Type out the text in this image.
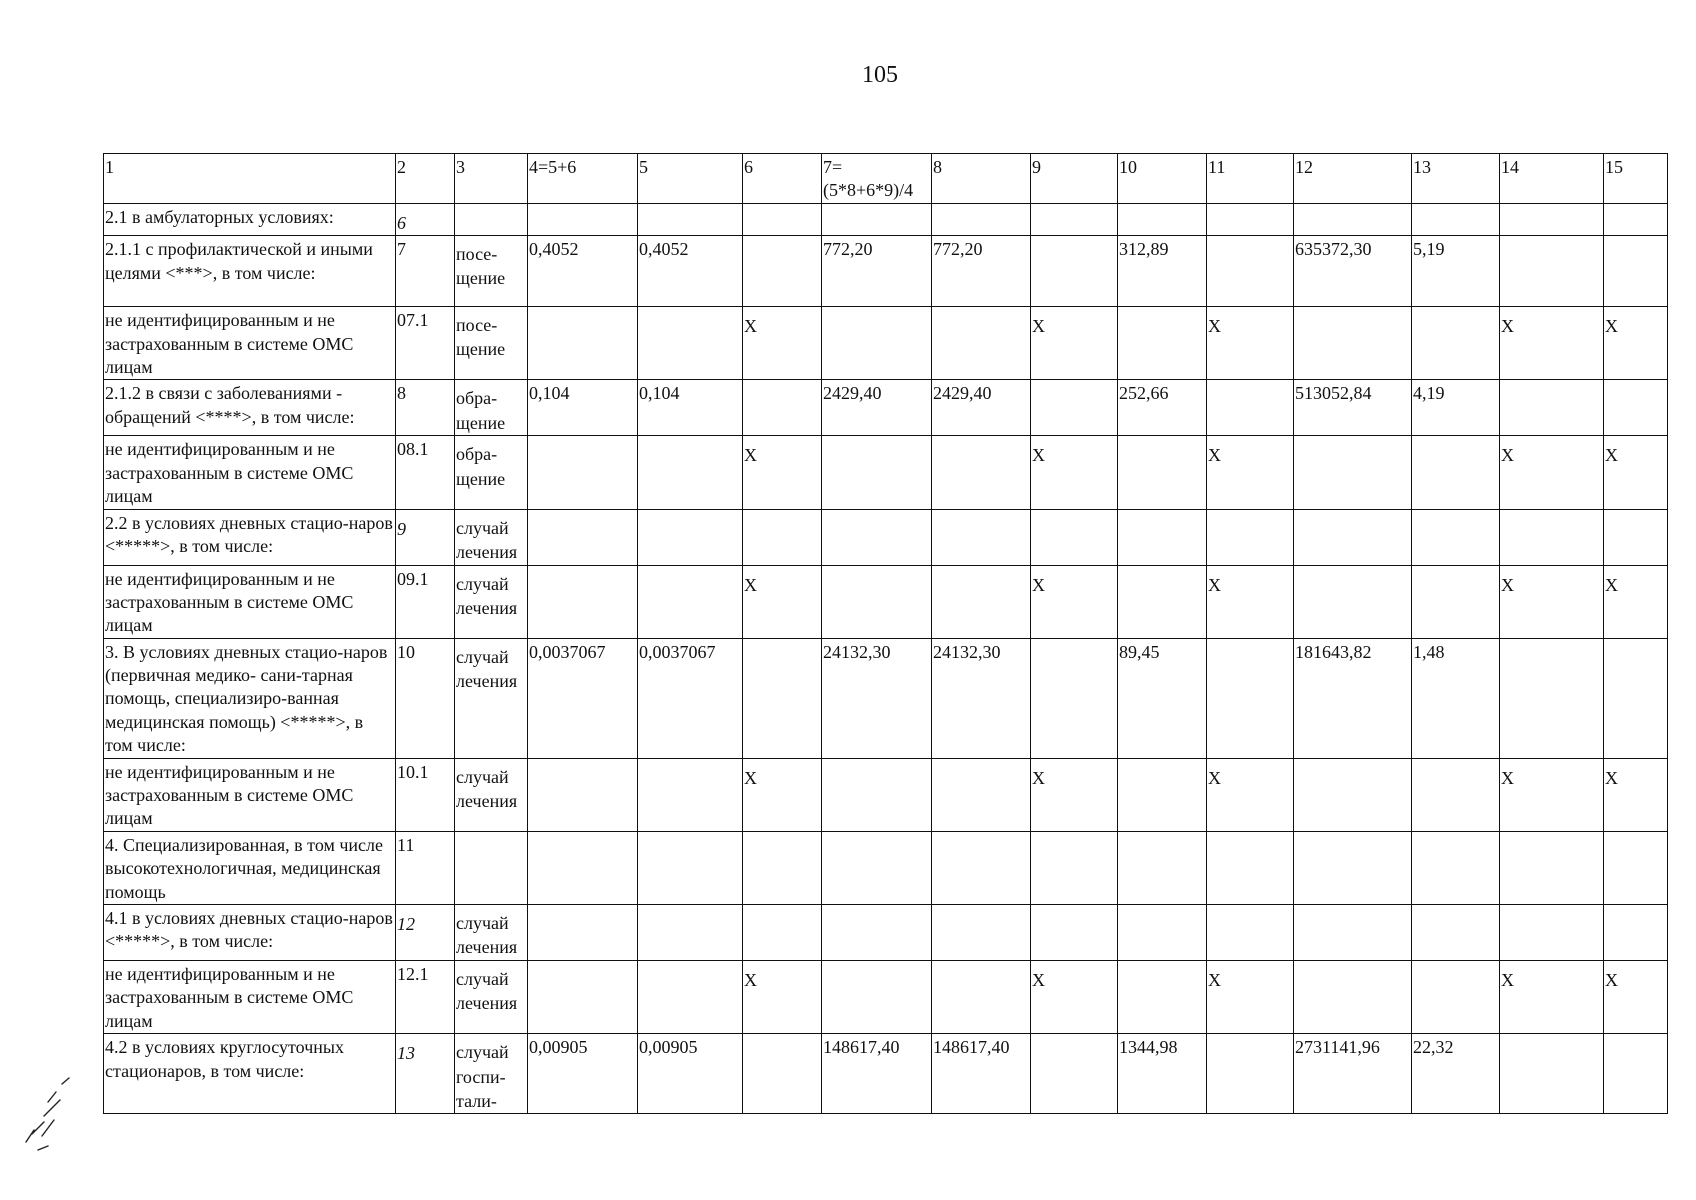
105
1	2	3	4=5+6	5	6	7=
(5*8+6*9)/4	8	9	10	11	12	13	14	15
2.1 в амбулаторных условиях:	6													
2.1.1 с профилактической и иными целями <***>, в том числе:	7	посе-
щение	0,4052	0,4052		772,20	772,20		312,89		635372,30	5,19		
не идентифицированным и не застрахованным в системе ОМС лицам	07.1	посе-
щение			X			X		X			X	X
2.1.2 в связи с заболеваниями - обращений <****>, в том числе:	8	обра-
щение	0,104	0,104		2429,40	2429,40		252,66		513052,84	4,19		
не идентифицированным и не застрахованным в системе ОМС лицам	08.1	обра-
щение			X			X		X			X	X
2.2 в условиях дневных стацио-наров <*****>, в том числе:	9	случай
лечения												
не идентифицированным и не застрахованным в системе ОМС лицам	09.1	случай
лечения			X			X		X			X	X
3. В условиях дневных стацио-наров (первичная медико- сани-тарная помощь, специализиро-ванная медицинская помощь) <*****>, в том числе:	10	случай
лечения	0,0037067	0,0037067		24132,30	24132,30		89,45		181643,82	1,48		
не идентифицированным и не застрахованным в системе ОМС лицам	10.1	случай
лечения			X			X		X			X	X
4. Специализированная, в том числе высокотехнологичная, медицинская помощь	11													
4.1 в условиях дневных стацио-наров <*****>, в том числе:	12	случай
лечения												
не идентифицированным и не застрахованным в системе ОМС лицам	12.1	случай
лечения			X			X		X			X	X
4.2 в условиях круглосуточных стационаров, в том числе:	13	случай
госпи-
тали-	0,00905	0,00905		148617,40	148617,40		1344,98		2731141,96	22,32		
